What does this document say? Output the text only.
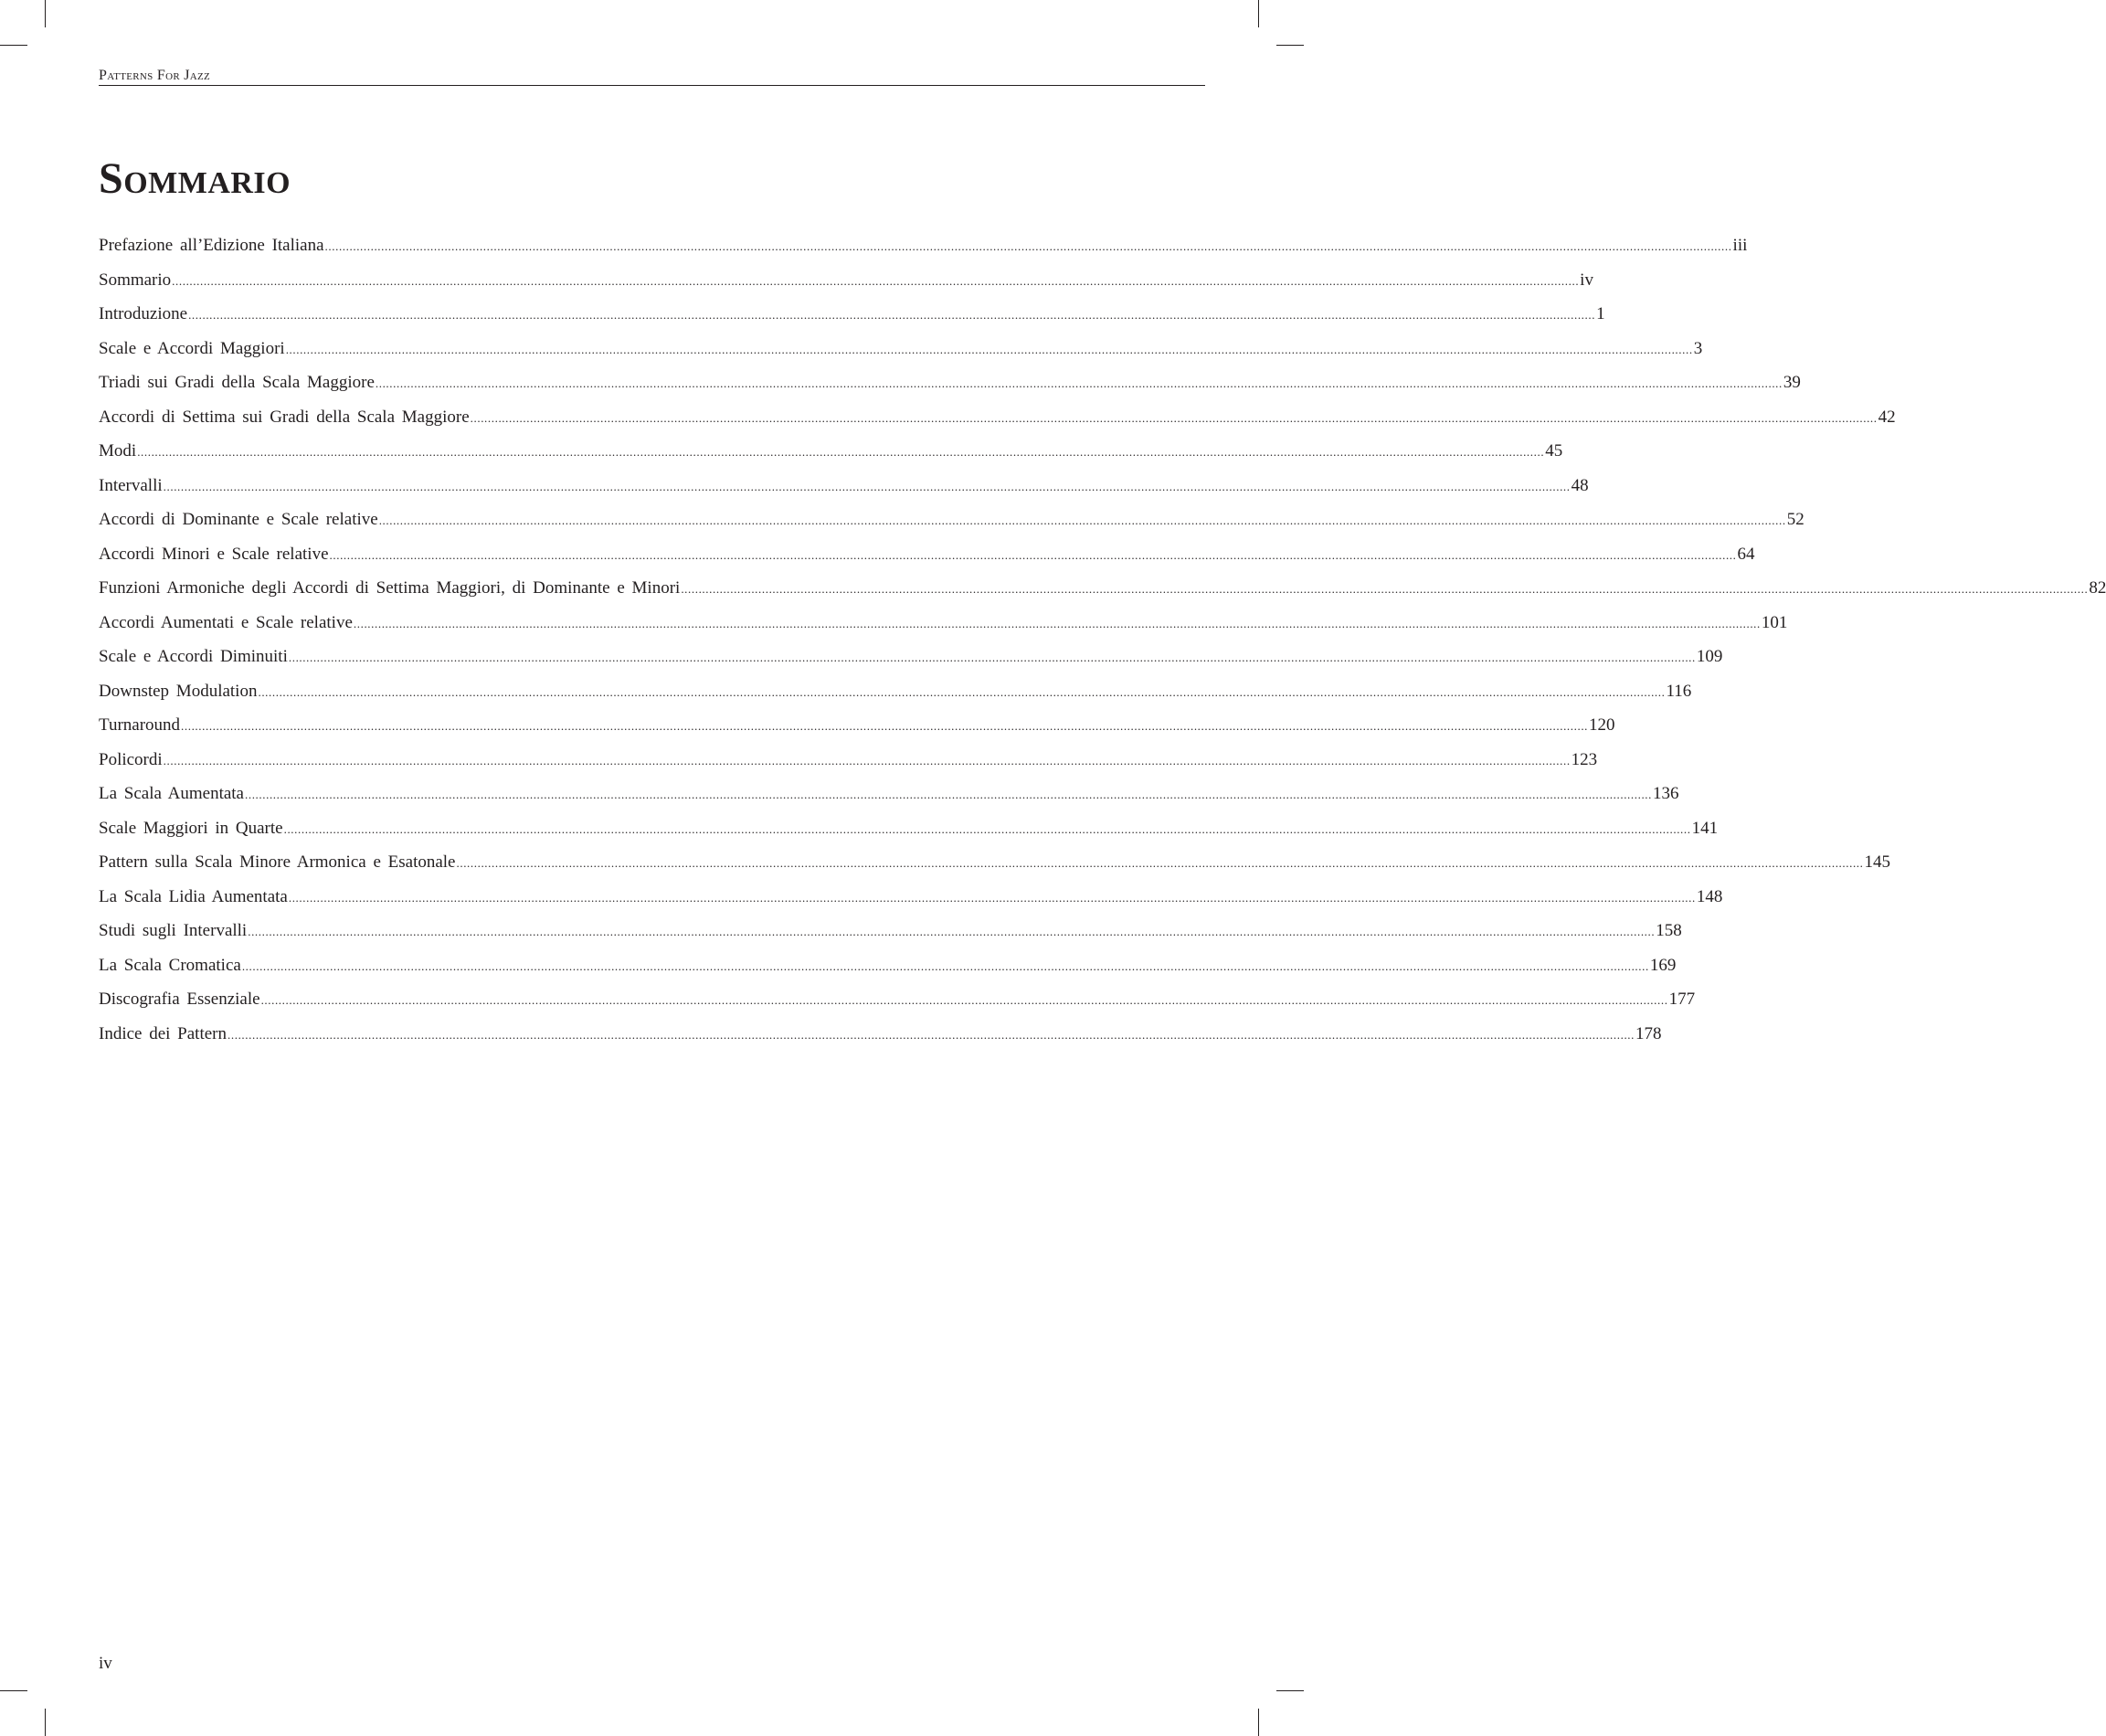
Patterns For Jazz
Sommario
Prefazione all’Edizione Italiana ................................................................................................................................................................................................................................................................................................................................................................................................................ iii
Sommario ................................................................................................................................................................................................................................................................................................................................................................................................................ iv
Introduzione ................................................................................................................................................................................................................................................................................................................................................................................................................ 1
Scale e Accordi Maggiori ................................................................................................................................................................................................................................................................................................................................................................................................................ 3
Triadi sui Gradi della Scala Maggiore ................................................................................................................................................................................................................................................................................................................................................................................................................ 39
Accordi di Settima sui Gradi della Scala Maggiore ................................................................................................................................................................................................................................................................................................................................................................................................................ 42
Modi ................................................................................................................................................................................................................................................................................................................................................................................................................ 45
Intervalli ................................................................................................................................................................................................................................................................................................................................................................................................................ 48
Accordi di Dominante e Scale relative ................................................................................................................................................................................................................................................................................................................................................................................................................ 52
Accordi Minori e Scale relative ................................................................................................................................................................................................................................................................................................................................................................................................................ 64
Funzioni Armoniche degli Accordi di Settima Maggiori, di Dominante e Minori ................................................................................................................................................................................................................................................................................................................................................................................................................ 82
Accordi Aumentati e Scale relative ................................................................................................................................................................................................................................................................................................................................................................................................................ 101
Scale e Accordi Diminuiti ................................................................................................................................................................................................................................................................................................................................................................................................................ 109
Downstep Modulation ................................................................................................................................................................................................................................................................................................................................................................................................................ 116
Turnaround ................................................................................................................................................................................................................................................................................................................................................................................................................ 120
Policordi ................................................................................................................................................................................................................................................................................................................................................................................................................ 123
La Scala Aumentata ................................................................................................................................................................................................................................................................................................................................................................................................................ 136
Scale Maggiori in Quarte ................................................................................................................................................................................................................................................................................................................................................................................................................ 141
Pattern sulla Scala Minore Armonica e Esatonale ................................................................................................................................................................................................................................................................................................................................................................................................................ 145
La Scala Lidia Aumentata ................................................................................................................................................................................................................................................................................................................................................................................................................ 148
Studi sugli Intervalli ................................................................................................................................................................................................................................................................................................................................................................................................................ 158
La Scala Cromatica ................................................................................................................................................................................................................................................................................................................................................................................................................ 169
Discografia Essenziale ................................................................................................................................................................................................................................................................................................................................................................................................................ 177
Indice dei Pattern ................................................................................................................................................................................................................................................................................................................................................................................................................ 178
iv
